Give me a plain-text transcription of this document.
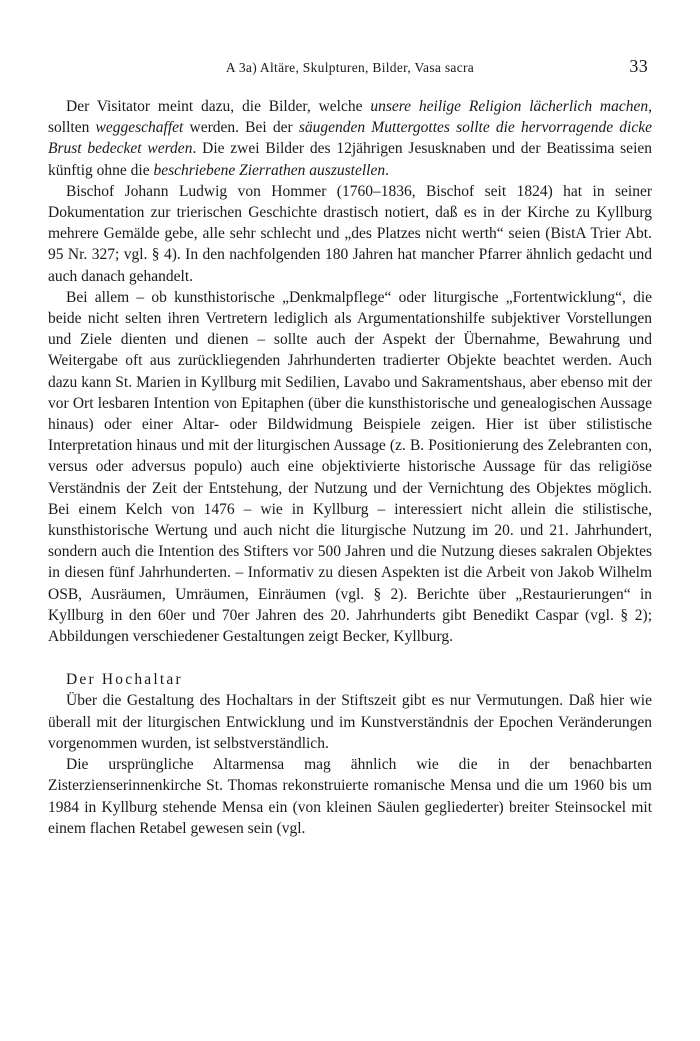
A 3a) Altäre, Skulpturen, Bilder, Vasa sacra	33

Der Visitator meint dazu, die Bilder, welche unsere heilige Religion lächerlich machen, sollten weggeschaffet werden. Bei der säugenden Muttergottes sollte die hervorragende dicke Brust bedecket werden. Die zwei Bilder des 12jährigen Jesusknaben und der Beatissima seien künftig ohne die beschriebene Zierrathen auszustellen.

Bischof Johann Ludwig von Hommer (1760–1836, Bischof seit 1824) hat in seiner Dokumentation zur trierischen Geschichte drastisch notiert, daß es in der Kirche zu Kyllburg mehrere Gemälde gebe, alle sehr schlecht und „des Platzes nicht werth“ seien (BistA Trier Abt. 95 Nr. 327; vgl. § 4). In den nachfolgenden 180 Jahren hat mancher Pfarrer ähnlich gedacht und auch danach gehandelt.

Bei allem – ob kunsthistorische „Denkmalpflege“ oder liturgische „Fortentwicklung“, die beide nicht selten ihren Vertretern lediglich als Argumentationshilfe subjektiver Vorstellungen und Ziele dienten und dienen – sollte auch der Aspekt der Übernahme, Bewahrung und Weitergabe oft aus zurückliegenden Jahrhunderten tradierter Objekte beachtet werden. Auch dazu kann St. Marien in Kyllburg mit Sedilien, Lavabo und Sakramentshaus, aber ebenso mit der vor Ort lesbaren Intention von Epitaphen (über die kunsthistorische und genealogischen Aussage hinaus) oder einer Altar- oder Bildwidmung Beispiele zeigen. Hier ist über stilistische Interpretation hinaus und mit der liturgischen Aussage (z. B. Positionierung des Zelebranten con, versus oder adversus populo) auch eine objektivierte historische Aussage für das religiöse Verständnis der Zeit der Entstehung, der Nutzung und der Vernichtung des Objektes möglich. Bei einem Kelch von 1476 – wie in Kyllburg – interessiert nicht allein die stilistische, kunsthistorische Wertung und auch nicht die liturgische Nutzung im 20. und 21. Jahrhundert, sondern auch die Intention des Stifters vor 500 Jahren und die Nutzung dieses sakralen Objektes in diesen fünf Jahrhunderten. – Informativ zu diesen Aspekten ist die Arbeit von Jakob Wilhelm OSB, Ausräumen, Umräumen, Einräumen (vgl. § 2). Berichte über „Restaurierungen“ in Kyllburg in den 60er und 70er Jahren des 20. Jahrhunderts gibt Benedikt Caspar (vgl. § 2); Abbildungen verschiedener Gestaltungen zeigt Becker, Kyllburg.

Der Hochaltar

Über die Gestaltung des Hochaltars in der Stiftszeit gibt es nur Vermutungen. Daß hier wie überall mit der liturgischen Entwicklung und im Kunstverständnis der Epochen Veränderungen vorgenommen wurden, ist selbstverständlich.

Die ursprüngliche Altarmensa mag ähnlich wie die in der benachbarten Zisterzienserinnenkirche St. Thomas rekonstruierte romanische Mensa und die um 1960 bis um 1984 in Kyllburg stehende Mensa ein (von kleinen Säulen gegliederter) breiter Steinsockel mit einem flachen Retabel gewesen sein (vgl.
